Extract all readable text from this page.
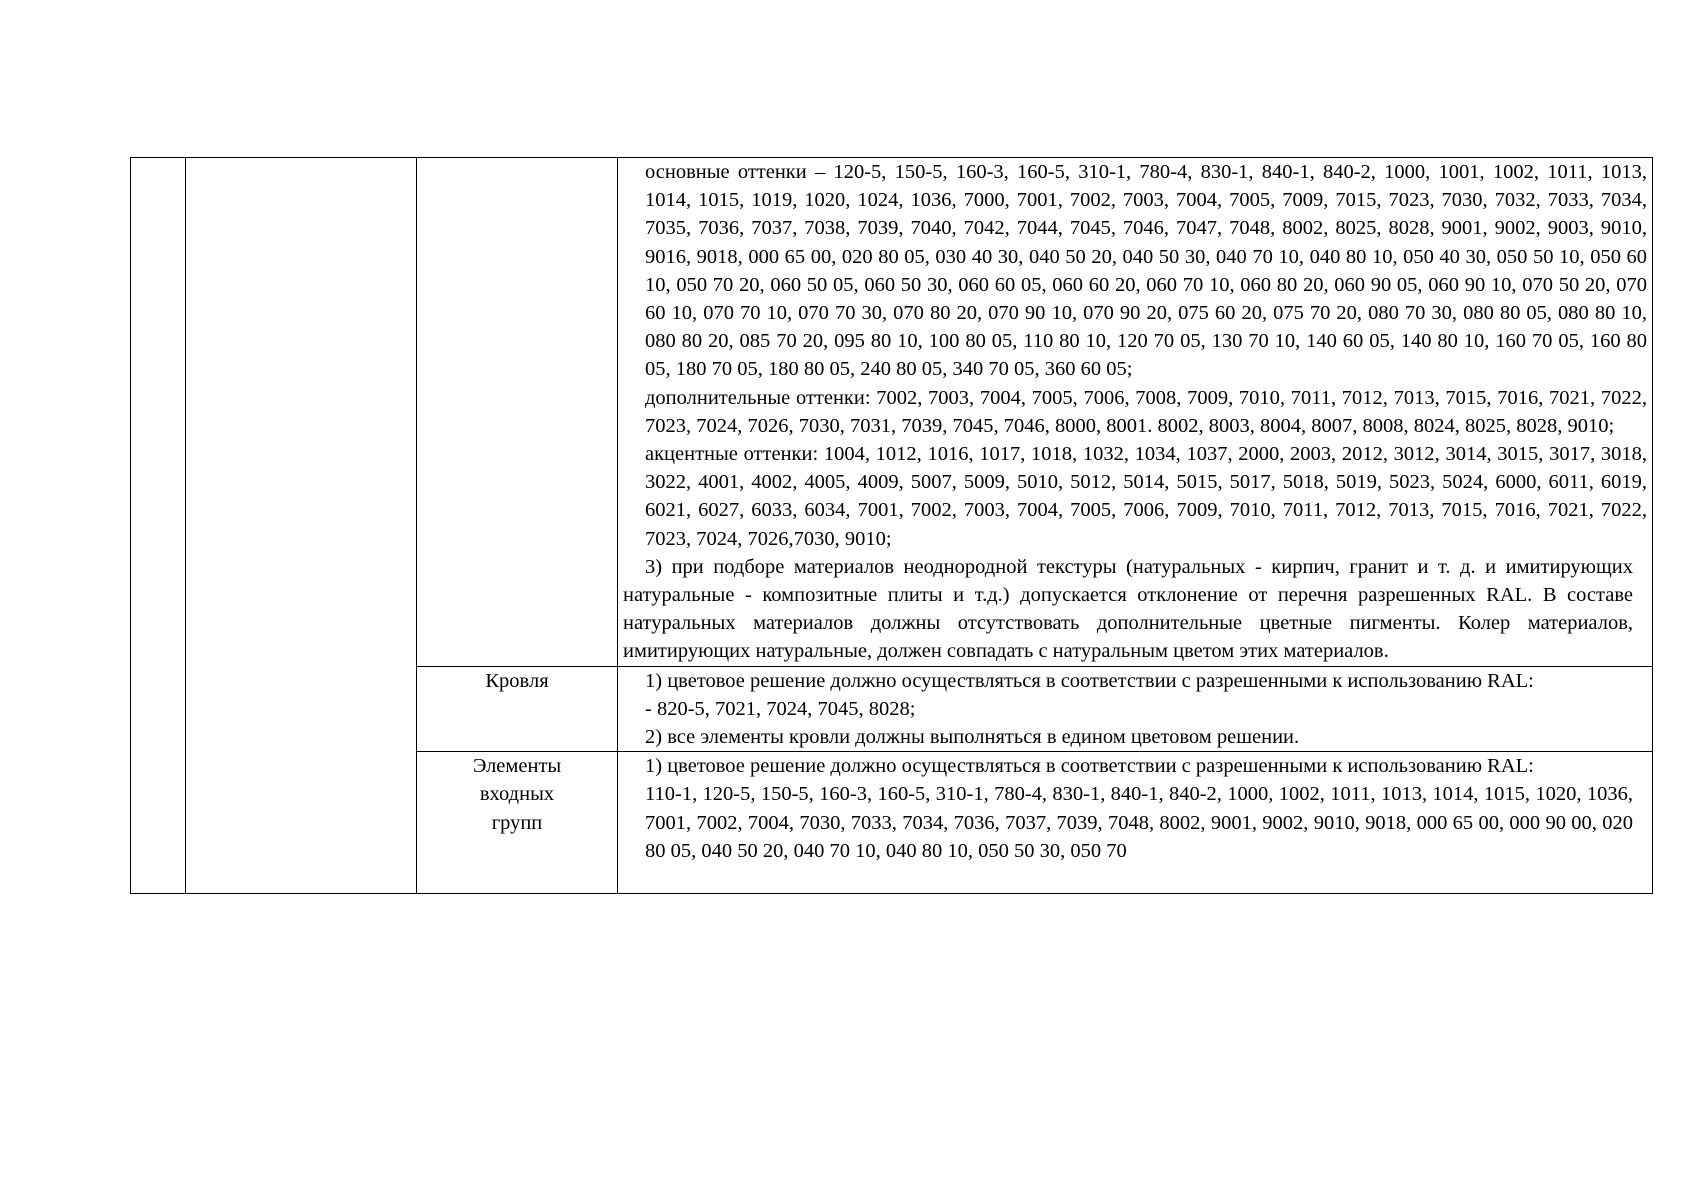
			основные оттенки – 120-5, 150-5, 160-3, 160-5, 310-1, 780-4, 830-1, 840-1, 840-2, 1000, 1001, 1002, 1011, 1013, 1014, 1015, 1019, 1020, 1024, 1036, 7000, 7001, 7002, 7003, 7004, 7005, 7009, 7015, 7023, 7030, 7032, 7033, 7034, 7035, 7036, 7037, 7038, 7039, 7040, 7042, 7044, 7045, 7046, 7047, 7048, 8002, 8025, 8028, 9001, 9002, 9003, 9010, 9016, 9018, 000 65 00, 020 80 05, 030 40 30, 040 50 20, 040 50 30, 040 70 10, 040 80 10, 050 40 30, 050 50 10, 050 60 10, 050 70 20, 060 50 05, 060 50 30, 060 60 05, 060 60 20, 060 70 10, 060 80 20, 060 90 05, 060 90 10, 070 50 20, 070 60 10, 070 70 10, 070 70 30, 070 80 20, 070 90 10, 070 90 20, 075 60 20, 075 70 20, 080 70 30, 080 80 05, 080 80 10, 080 80 20, 085 70 20, 095 80 10, 100 80 05, 110 80 10, 120 70 05, 130 70 10, 140 60 05, 140 80 10, 160 70 05, 160 80 05, 180 70 05, 180 80 05, 240 80 05, 340 70 05, 360 60 05;

дополнительные оттенки: 7002, 7003, 7004, 7005, 7006, 7008, 7009, 7010, 7011, 7012, 7013, 7015, 7016, 7021, 7022, 7023, 7024, 7026, 7030, 7031, 7039, 7045, 7046, 8000, 8001. 8002, 8003, 8004, 8007, 8008, 8024, 8025, 8028, 9010;

акцентные оттенки: 1004, 1012, 1016, 1017, 1018, 1032, 1034, 1037, 2000, 2003, 2012, 3012, 3014, 3015, 3017, 3018, 3022, 4001, 4002, 4005, 4009, 5007, 5009, 5010, 5012, 5014, 5015, 5017, 5018, 5019, 5023, 5024, 6000, 6011, 6019, 6021, 6027, 6033, 6034, 7001, 7002, 7003, 7004, 7005, 7006, 7009, 7010, 7011, 7012, 7013, 7015, 7016, 7021, 7022, 7023, 7024, 7026,7030, 9010;

3) при подборе материалов неоднородной текстуры (натуральных - кирпич, гранит и т. д. и имитирующих натуральные - композитные плиты и т.д.) допускается отклонение от перечня разрешенных RAL. В составе натуральных материалов должны отсутствовать дополнительные цветные пигменты. Колер материалов, имитирующих натуральные, должен совпадать с натуральным цветом этих материалов.

		Кровля	1) цветовое решение должно осуществляться в соответствии с разрешенными к использованию RAL:

- 820-5, 7021, 7024, 7045, 8028;

2) все элементы кровли должны выполняться в едином цветовом решении.

		Элементы входных групп	1) цветовое решение должно осуществляться в соответствии с разрешенными к использованию RAL:

110-1, 120-5, 150-5, 160-3, 160-5, 310-1, 780-4, 830-1, 840-1, 840-2, 1000, 1002, 1011, 1013, 1014, 1015, 1020, 1036, 7001, 7002, 7004, 7030, 7033, 7034, 7036, 7037, 7039, 7048, 8002, 9001, 9002, 9010, 9018, 000 65 00, 000 90 00, 020 80 05, 040 50 20, 040 70 10, 040 80 10, 050 50 30, 050 70
